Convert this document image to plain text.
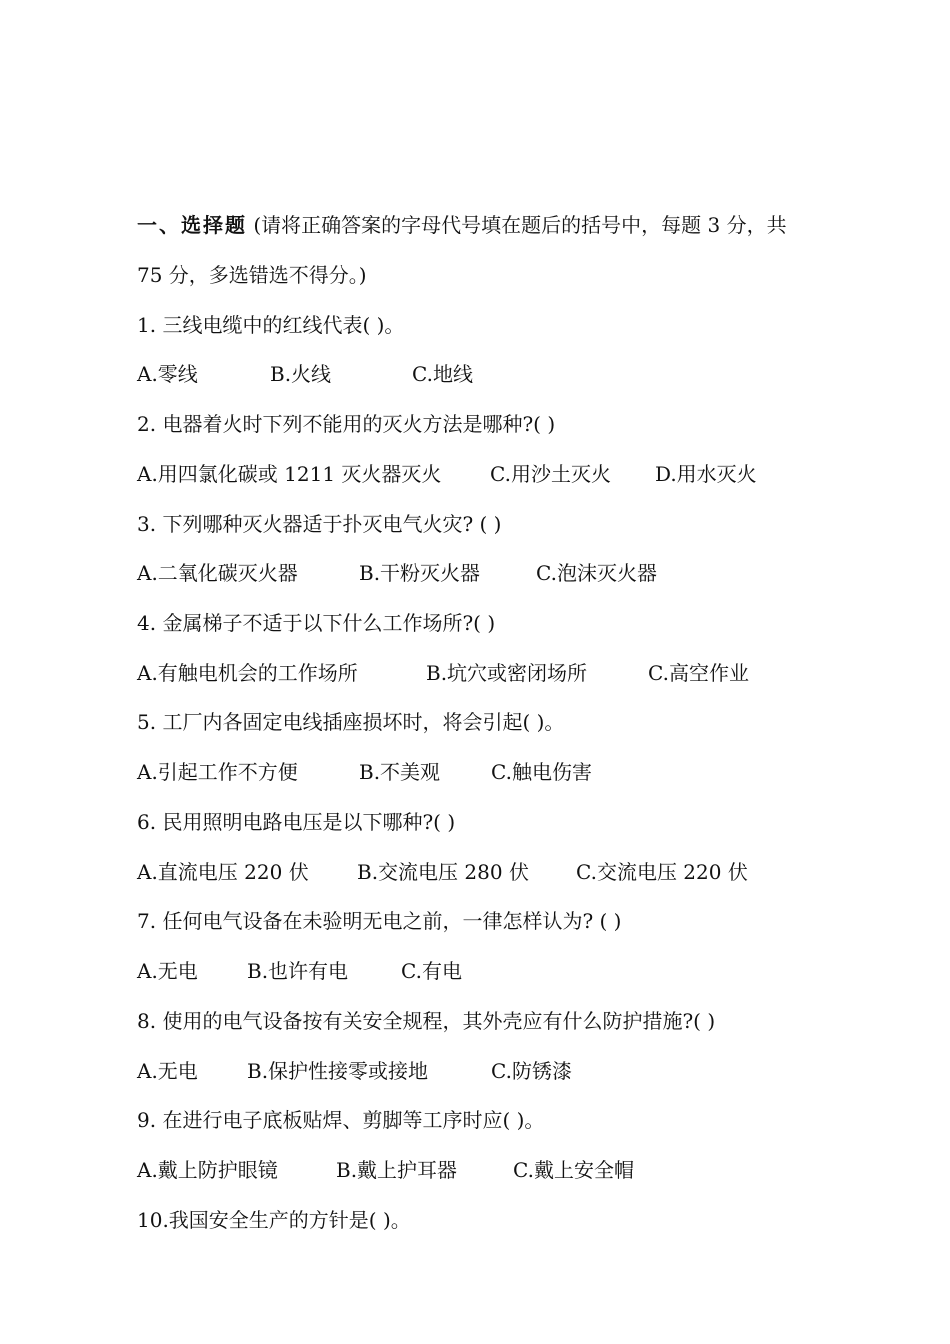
一、选择题 (请将正确答案的字母代号填在题后的括号中，每题 3 分，共
75 分，多选错选不得分。)
1. 三线电缆中的红线代表( )。
A.零线	B.火线	C.地线
2. 电器着火时下列不能用的灭火方法是哪种?( )
A.用四氯化碳或 1211 灭火器灭火 C.用沙土灭火 D.用水灭火
3. 下列哪种灭火器适于扑灭电气火灾? ( )
A.二氧化碳灭火器	B.干粉灭火器	C.泡沫灭火器
4. 金属梯子不适于以下什么工作场所?( )
A.有触电机会的工作场所	B.坑穴或密闭场所	C.高空作业
5. 工厂内各固定电线插座损坏时，将会引起( )。
A.引起工作不方便	B.不美观	C.触电伤害
6. 民用照明电路电压是以下哪种?( )
A.直流电压 220 伏 B.交流电压 280 伏 C.交流电压 220 伏
7. 任何电气设备在未验明无电之前，一律怎样认为? ( )
A.无电 B.也许有电	C.有电
8. 使用的电气设备按有关安全规程，其外壳应有什么防护措施?( )
A.无电 B.保护性接零或接地	C.防锈漆
9. 在进行电子底板贴焊、剪脚等工序时应( )。
A.戴上防护眼镜	B.戴上护耳器	C.戴上安全帽
10.我国安全生产的方针是( )。
